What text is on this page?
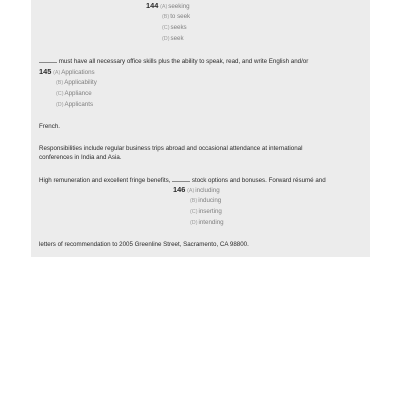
144 (A)seeking
(B)to seek
(C)seeks
(D)seek
must have all necessary office skills plus the ability to speak, read, and write English and/or
145 (A)Applications
(B)Applicability
(C)Appliance
(D)Applicants
French.
Responsibilities include regular business trips abroad and occasional attendance at international
conferences in India and Asia.
High remuneration and excellent fringe benefits,	stock options and bonuses. Forward résumé and
146 (A)including
(B)inducing
(C)inserting
(D)intending
letters of recommendation to 2005 Greenline Street, Sacramento, CA 98800.
